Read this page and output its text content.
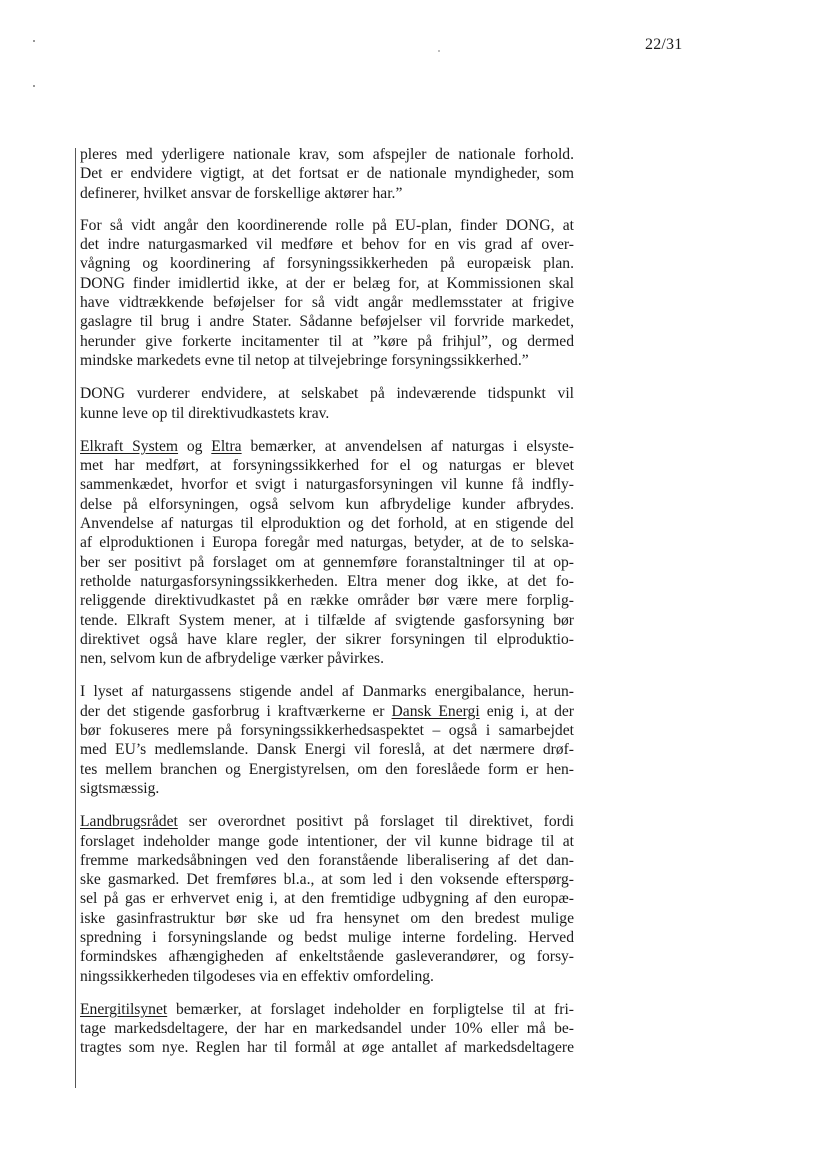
22/31

pleres med yderligere nationale krav, som afspejler de nationale forhold.
Det er endvidere vigtigt, at det fortsat er de nationale myndigheder, som
definerer, hvilket ansvar de forskellige aktører har.”

For så vidt angår den koordinerende rolle på EU-plan, finder DONG, at
det indre naturgasmarked vil medføre et behov for en vis grad af over-
vågning og koordinering af forsyningssikkerheden på europæisk plan.
DONG finder imidlertid ikke, at der er belæg for, at Kommissionen skal
have vidtrækkende beføjelser for så vidt angår medlemsstater at frigive
gaslagre til brug i andre Stater. Sådanne beføjelser vil forvride markedet,
herunder give forkerte incitamenter til at ”køre på frihjul”, og dermed
mindske markedets evne til netop at tilvejebringe forsyningssikkerhed.”

DONG vurderer endvidere, at selskabet på indeværende tidspunkt vil
kunne leve op til direktivudkastets krav.

Elkraft System og Eltra bemærker, at anvendelsen af naturgas i elsyste-
met har medført, at forsyningssikkerhed for el og naturgas er blevet
sammenkædet, hvorfor et svigt i naturgasforsyningen vil kunne få indfly-
delse på elforsyningen, også selvom kun afbrydelige kunder afbrydes.
Anvendelse af naturgas til elproduktion og det forhold, at en stigende del
af elproduktionen i Europa foregår med naturgas, betyder, at de to selska-
ber ser positivt på forslaget om at gennemføre foranstaltninger til at op-
retholde naturgasforsyningssikkerheden. Eltra mener dog ikke, at det fo-
religgende direktivudkastet på en række områder bør være mere forplig-
tende. Elkraft System mener, at i tilfælde af svigtende gasforsyning bør
direktivet også have klare regler, der sikrer forsyningen til elproduktio-
nen, selvom kun de afbrydelige værker påvirkes.

I lyset af naturgassens stigende andel af Danmarks energibalance, herun-
der det stigende gasforbrug i kraftværkerne er Dansk Energi enig i, at der
bør fokuseres mere på forsyningssikkerhedsaspektet – også i samarbejdet
med EU’s medlemslande. Dansk Energi vil foreslå, at det nærmere drøf-
tes mellem branchen og Energistyrelsen, om den foreslåede form er hen-
sigtsmæssig.

Landbrugsrådet ser overordnet positivt på forslaget til direktivet, fordi
forslaget indeholder mange gode intentioner, der vil kunne bidrage til at
fremme markedsåbningen ved den foranstående liberalisering af det dan-
ske gasmarked. Det fremføres bl.a., at som led i den voksende efterspørg-
sel på gas er erhvervet enig i, at den fremtidige udbygning af den europæ-
iske gasinfrastruktur bør ske ud fra hensynet om den bredest mulige
spredning i forsyningslande og bedst mulige interne fordeling. Herved
formindskes afhængigheden af enkeltstående gasleverandører, og forsy-
ningssikkerheden tilgodeses via en effektiv omfordeling.

Energitilsynet bemærker, at forslaget indeholder en forpligtelse til at fri-
tage markedsdeltagere, der har en markedsandel under 10% eller må be-
tragtes som nye. Reglen har til formål at øge antallet af markedsdeltagere
